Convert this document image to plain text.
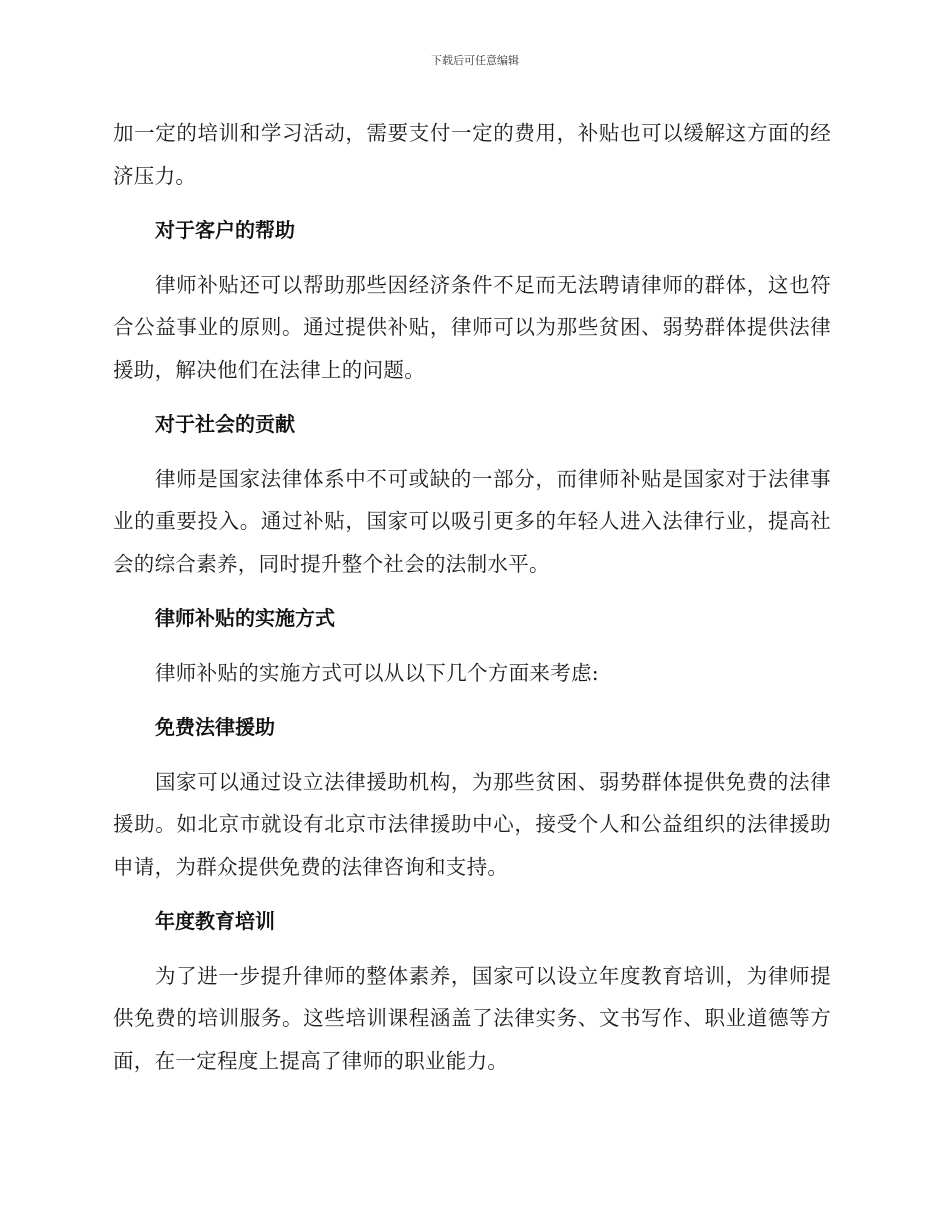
下载后可任意编辑

加一定的培训和学习活动，需要支付一定的费用，补贴也可以缓解这方面的经济压力。

对于客户的帮助

律师补贴还可以帮助那些因经济条件不足而无法聘请律师的群体，这也符合公益事业的原则。通过提供补贴，律师可以为那些贫困、弱势群体提供法律援助，解决他们在法律上的问题。

对于社会的贡献

律师是国家法律体系中不可或缺的一部分，而律师补贴是国家对于法律事业的重要投入。通过补贴，国家可以吸引更多的年轻人进入法律行业，提高社会的综合素养，同时提升整个社会的法制水平。

律师补贴的实施方式

律师补贴的实施方式可以从以下几个方面来考虑:

免费法律援助

国家可以通过设立法律援助机构，为那些贫困、弱势群体提供免费的法律援助。如北京市就设有北京市法律援助中心，接受个人和公益组织的法律援助申请，为群众提供免费的法律咨询和支持。

年度教育培训

为了进一步提升律师的整体素养，国家可以设立年度教育培训，为律师提供免费的培训服务。这些培训课程涵盖了法律实务、文书写作、职业道德等方面，在一定程度上提高了律师的职业能力。
